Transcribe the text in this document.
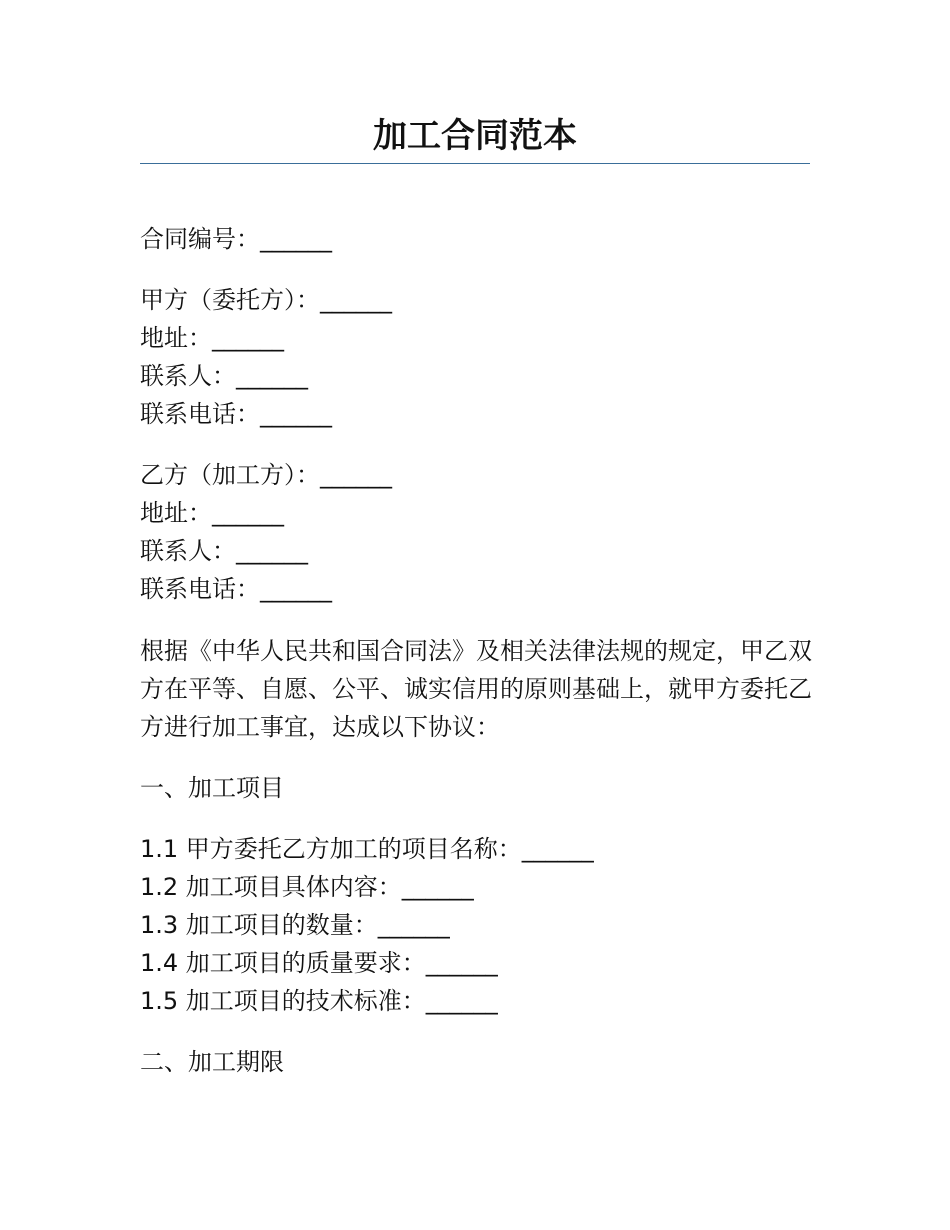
加工合同范本

合同编号：______

甲方（委托方）：______

地址：______

联系人：______

联系电话：______

乙方（加工方）：______

地址：______

联系人：______

联系电话：______

根据《中华人民共和国合同法》及相关法律法规的规定，甲乙双方在平等、自愿、公平、诚实信用的原则基础上，就甲方委托乙方进行加工事宜，达成以下协议：

一、加工项目

1.1 甲方委托乙方加工的项目名称：______

1.2 加工项目具体内容：______

1.3 加工项目的数量：______

1.4 加工项目的质量要求：______

1.5 加工项目的技术标准：______

二、加工期限
